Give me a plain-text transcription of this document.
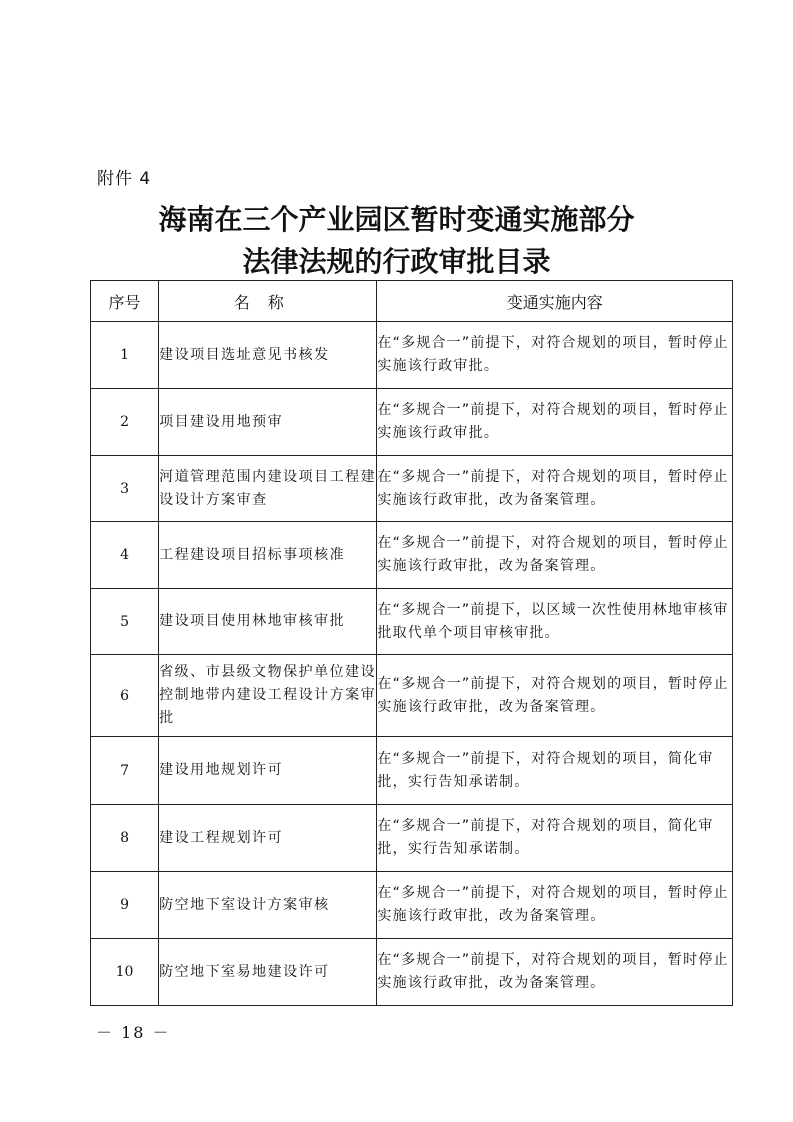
附件 4
海南在三个产业园区暂时变通实施部分
法律法规的行政审批目录
序号	名称	变通实施内容
1	建设项目选址意见书核发	在“多规合一”前提下，对符合规划的项目，暂时停止实施该行政审批。
2	项目建设用地预审	在“多规合一”前提下，对符合规划的项目，暂时停止实施该行政审批。
3	河道管理范围内建设项目工程建设设计方案审查	在“多规合一”前提下，对符合规划的项目，暂时停止实施该行政审批，改为备案管理。
4	工程建设项目招标事项核准	在“多规合一”前提下，对符合规划的项目，暂时停止实施该行政审批，改为备案管理。
5	建设项目使用林地审核审批	在“多规合一”前提下，以区域一次性使用林地审核审批取代单个项目审核审批。
6	省级、市县级文物保护单位建设控制地带内建设工程设计方案审批	在“多规合一”前提下，对符合规划的项目，暂时停止实施该行政审批，改为备案管理。
7	建设用地规划许可	在“多规合一”前提下，对符合规划的项目，简化审批，实行告知承诺制。
8	建设工程规划许可	在“多规合一”前提下，对符合规划的项目，简化审批，实行告知承诺制。
9	防空地下室设计方案审核	在“多规合一”前提下，对符合规划的项目，暂时停止实施该行政审批，改为备案管理。
10	防空地下室易地建设许可	在“多规合一”前提下，对符合规划的项目，暂时停止实施该行政审批，改为备案管理。
－ 18 －
